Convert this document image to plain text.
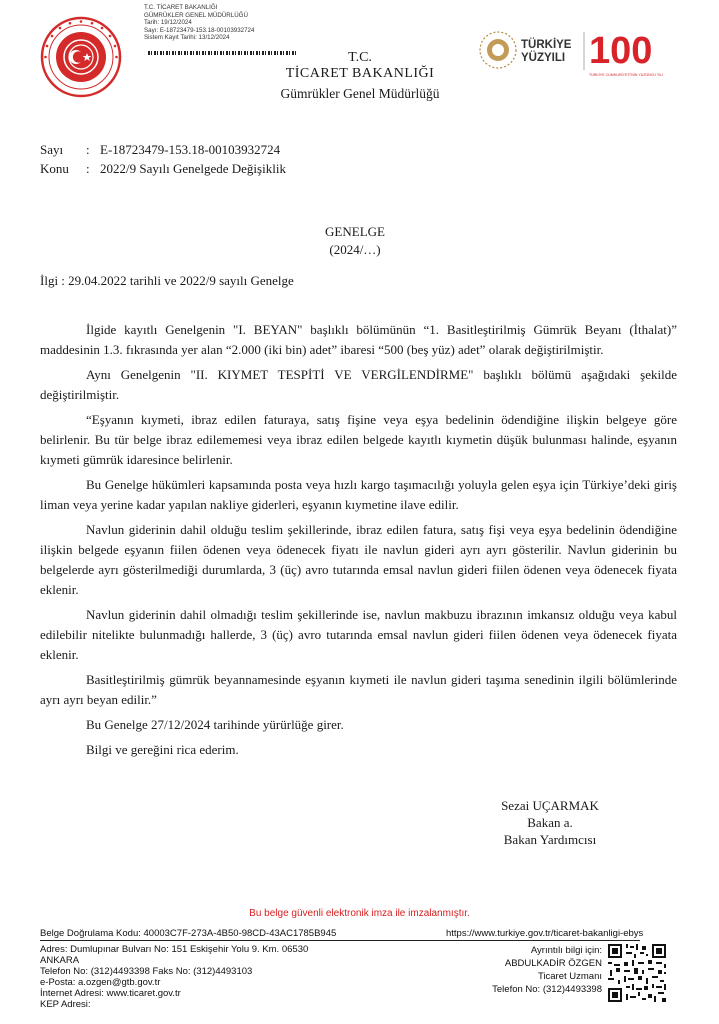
T.C. TİCARET BAKANLIĞI
GÜMRÜKLER GENEL MÜDÜRLÜĞÜ
Tarih: 19/12/2024
Sayı: E-18723479-153.18-00103932724
Sistem Kayıt Tarihi: 13/12/2024
T.C.
TİCARET BAKANLIĞI
Gümrükler Genel Müdürlüğü
TÜRKİYE
YÜZYILI 100
TÜRKİYE CUMHURİYETİ'NİN YÜZÜNCÜ YILI
Sayı : E-18723479-153.18-00103932724
Konu : 2022/9 Sayılı Genelgede Değişiklik
GENELGE
(2024/…)
İlgi : 29.04.2022 tarihli ve 2022/9 sayılı Genelge

İlgide kayıtlı Genelgenin "I. BEYAN" başlıklı bölümünün “1. Basitleştirilmiş Gümrük Beyanı (İthalat)” maddesinin 1.3. fıkrasında yer alan “2.000 (iki bin) adet” ibaresi “500 (beş yüz) adet” olarak değiştirilmiştir.

Aynı Genelgenin "II. KIYMET TESPİTİ VE VERGİLENDİRME" başlıklı bölümü aşağıdaki şekilde değiştirilmiştir.

“Eşyanın kıymeti, ibraz edilen faturaya, satış fişine veya eşya bedelinin ödendiğine ilişkin belgeye göre belirlenir. Bu tür belge ibraz edilememesi veya ibraz edilen belgede kayıtlı kıymetin düşük bulunması halinde, eşyanın kıymeti gümrük idaresince belirlenir.

Bu Genelge hükümleri kapsamında posta veya hızlı kargo taşımacılığı yoluyla gelen eşya için Türkiye’deki giriş liman veya yerine kadar yapılan nakliye giderleri, eşyanın kıymetine ilave edilir.

Navlun giderinin dahil olduğu teslim şekillerinde, ibraz edilen fatura, satış fişi veya eşya bedelinin ödendiğine ilişkin belgede eşyanın fiilen ödenen veya ödenecek fiyatı ile navlun gideri ayrı ayrı gösterilir. Navlun giderinin bu belgelerde ayrı gösterilmediği durumlarda, 3 (üç) avro tutarında emsal navlun gideri fiilen ödenen veya ödenecek fiyata eklenir.

Navlun giderinin dahil olmadığı teslim şekillerinde ise, navlun makbuzu ibrazının imkansız olduğu veya kabul edilebilir nitelikte bulunmadığı hallerde, 3 (üç) avro tutarında emsal navlun gideri fiilen ödenen veya ödenecek fiyata eklenir.

Basitleştirilmiş gümrük beyannamesinde eşyanın kıymeti ile navlun gideri taşıma senedinin ilgili bölümlerinde ayrı ayrı beyan edilir.”

Bu Genelge 27/12/2024 tarihinde yürürlüğe girer.

Bilgi ve gereğini rica ederim.

Sezai UÇARMAK
Bakan a.
Bakan Yardımcısı
Bu belge güvenli elektronik imza ile imzalanmıştır.
Belge Doğrulama Kodu: 40003C7F-273A-4B50-98CD-43AC1785B945	https://www.turkiye.gov.tr/ticaret-bakanligi-ebys
Adres: Dumlupınar Bulvarı No: 151 Eskişehir Yolu 9. Km. 06530
ANKARA
Telefon No: (312)4493398 Faks No: (312)4493103
e-Posta: a.ozgen@gtb.gov.tr
İnternet Adresi: www.ticaret.gov.tr
KEP Adresi:
Ayrıntılı bilgi için:
ABDULKADİR ÖZGEN
Ticaret Uzmanı
Telefon No: (312)4493398
